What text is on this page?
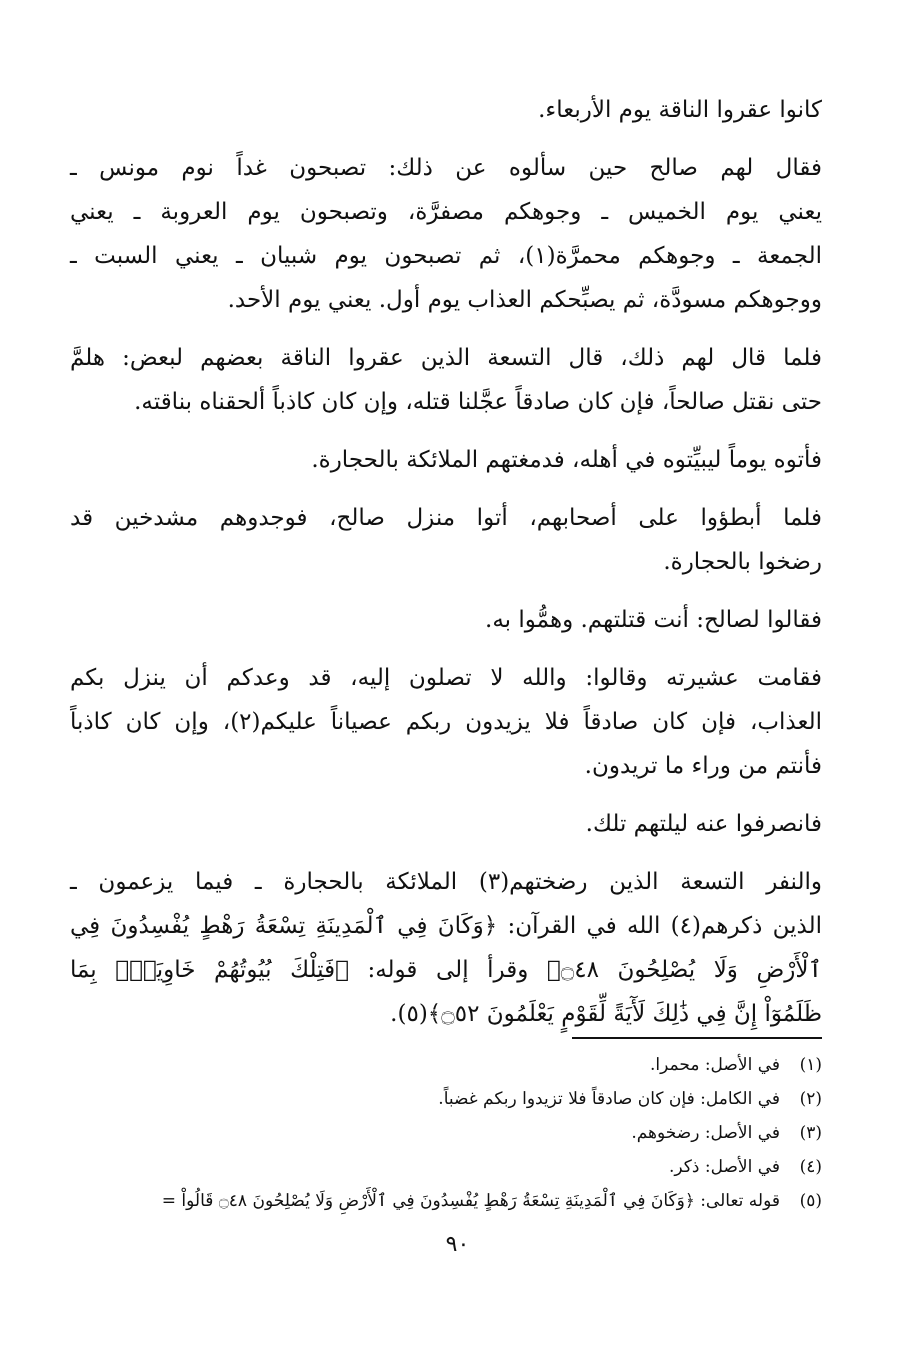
كانوا عقروا الناقة يوم الأربعاء.
فقال لهم صالح حين سألوه عن ذلك: تصبحون غداً نوم مونس ـ
يعني يوم الخميس ـ وجوهكم مصفرَّة، وتصبحون يوم العروبة ـ يعني
الجمعة ـ وجوهكم محمرَّة(١)، ثم تصبحون يوم شبيان ـ يعني السبت ـ
ووجوهكم مسودَّة، ثم يصبِّحكم العذاب يوم أول. يعني يوم الأحد.
فلما قال لهم ذلك، قال التسعة الذين عقروا الناقة بعضهم لبعض: هلمَّ
حتى نقتل صالحاً، فإن كان صادقاً عجَّلنا قتله، وإن كان كاذباً ألحقناه بناقته.
فأتوه يوماً ليبيِّتوه في أهله، فدمغتهم الملائكة بالحجارة.
فلما أبطؤوا على أصحابهم، أتوا منزل صالح، فوجدوهم مشدخين قد
رضخوا بالحجارة.
فقالوا لصالح: أنت قتلتهم. وهمُّوا به.
فقامت عشيرته وقالوا: والله لا تصلون إليه، قد وعدكم أن ينزل بكم
العذاب، فإن كان صادقاً فلا يزيدون ربكم عصياناً عليكم(٢)، وإن كان كاذباً
فأنتم من وراء ما تريدون.
فانصرفوا عنه ليلتهم تلك.
والنفر التسعة الذين رضختهم(٣) الملائكة بالحجارة ـ فيما يزعمون ـ
الذين ذكرهم(٤) الله في القرآن: ﴿وَكَانَ فِي ٱلْمَدِينَةِ تِسْعَةُ رَهْطٍ يُفْسِدُونَ فِي
ٱلْأَرْضِ وَلَا يُصْلِحُونَ ۝٤٨﴾ وقرأ إلى قوله: ﴿فَتِلْكَ بُيُوتُهُمْ خَاوِيَةًۢ بِمَا
ظَلَمُوٓاْ إِنَّ فِي ذَٰلِكَ لَأٓيَةً لِّقَوْمٍ يَعْلَمُونَ ۝٥٢﴾(٥).
(١)في الأصل: محمرا.
(٢)في الكامل: فإن كان صادقاً فلا تزيدوا ربكم غضباً.
(٣)في الأصل: رضخوهم.
(٤)في الأصل: ذكر.
(٥)قوله تعالى: ﴿وَكَانَ فِي ٱلْمَدِينَةِ تِسْعَةُ رَهْطٍ يُفْسِدُونَ فِي ٱلْأَرْضِ وَلَا يُصْلِحُونَ ۝٤٨ قَالُواْ =
٩٠
